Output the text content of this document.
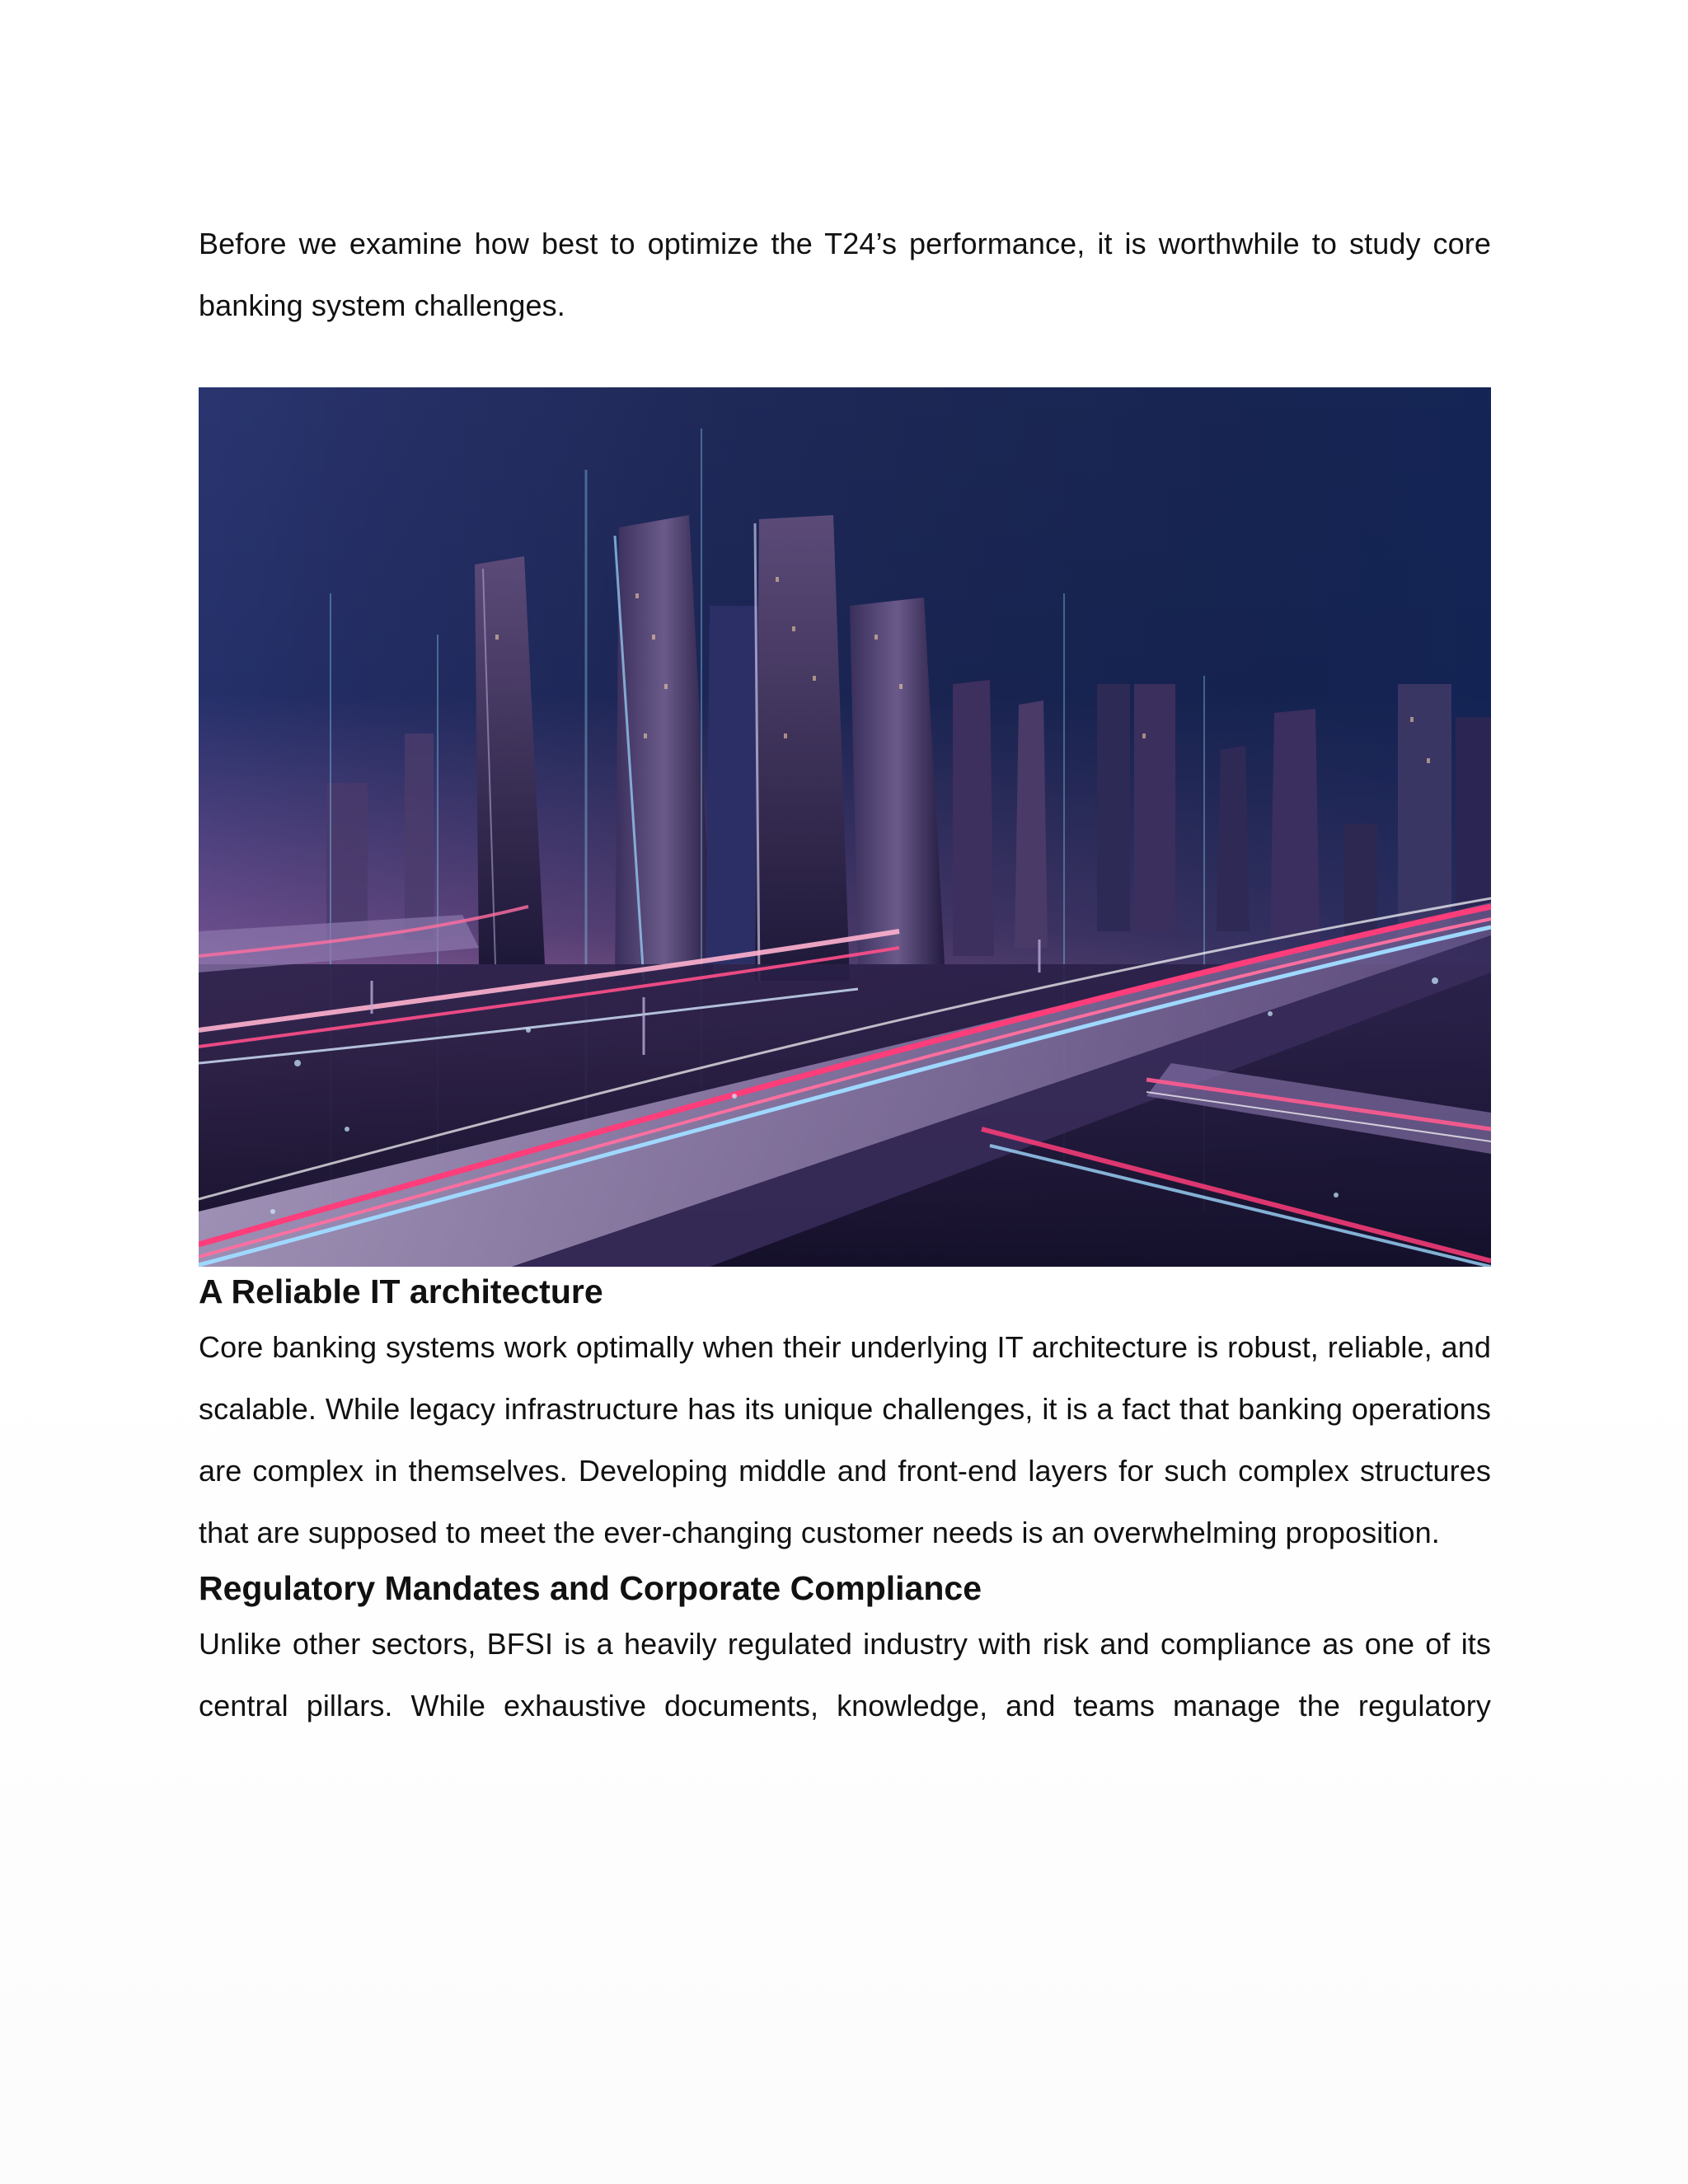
Before we examine how best to optimize the T24’s performance, it is worthwhile to study core banking system challenges.

A Reliable IT architecture

Core banking systems work optimally when their underlying IT architecture is robust, reliable, and scalable. While legacy infrastructure has its unique challenges, it is a fact that banking operations are complex in themselves. Developing middle and front-end layers for such complex structures that are supposed to meet the ever-changing customer needs is an overwhelming proposition.

Regulatory Mandates and Corporate Compliance

Unlike other sectors, BFSI is a heavily regulated industry with risk and compliance as one of its central pillars. While exhaustive documents, knowledge, and teams manage the regulatory
